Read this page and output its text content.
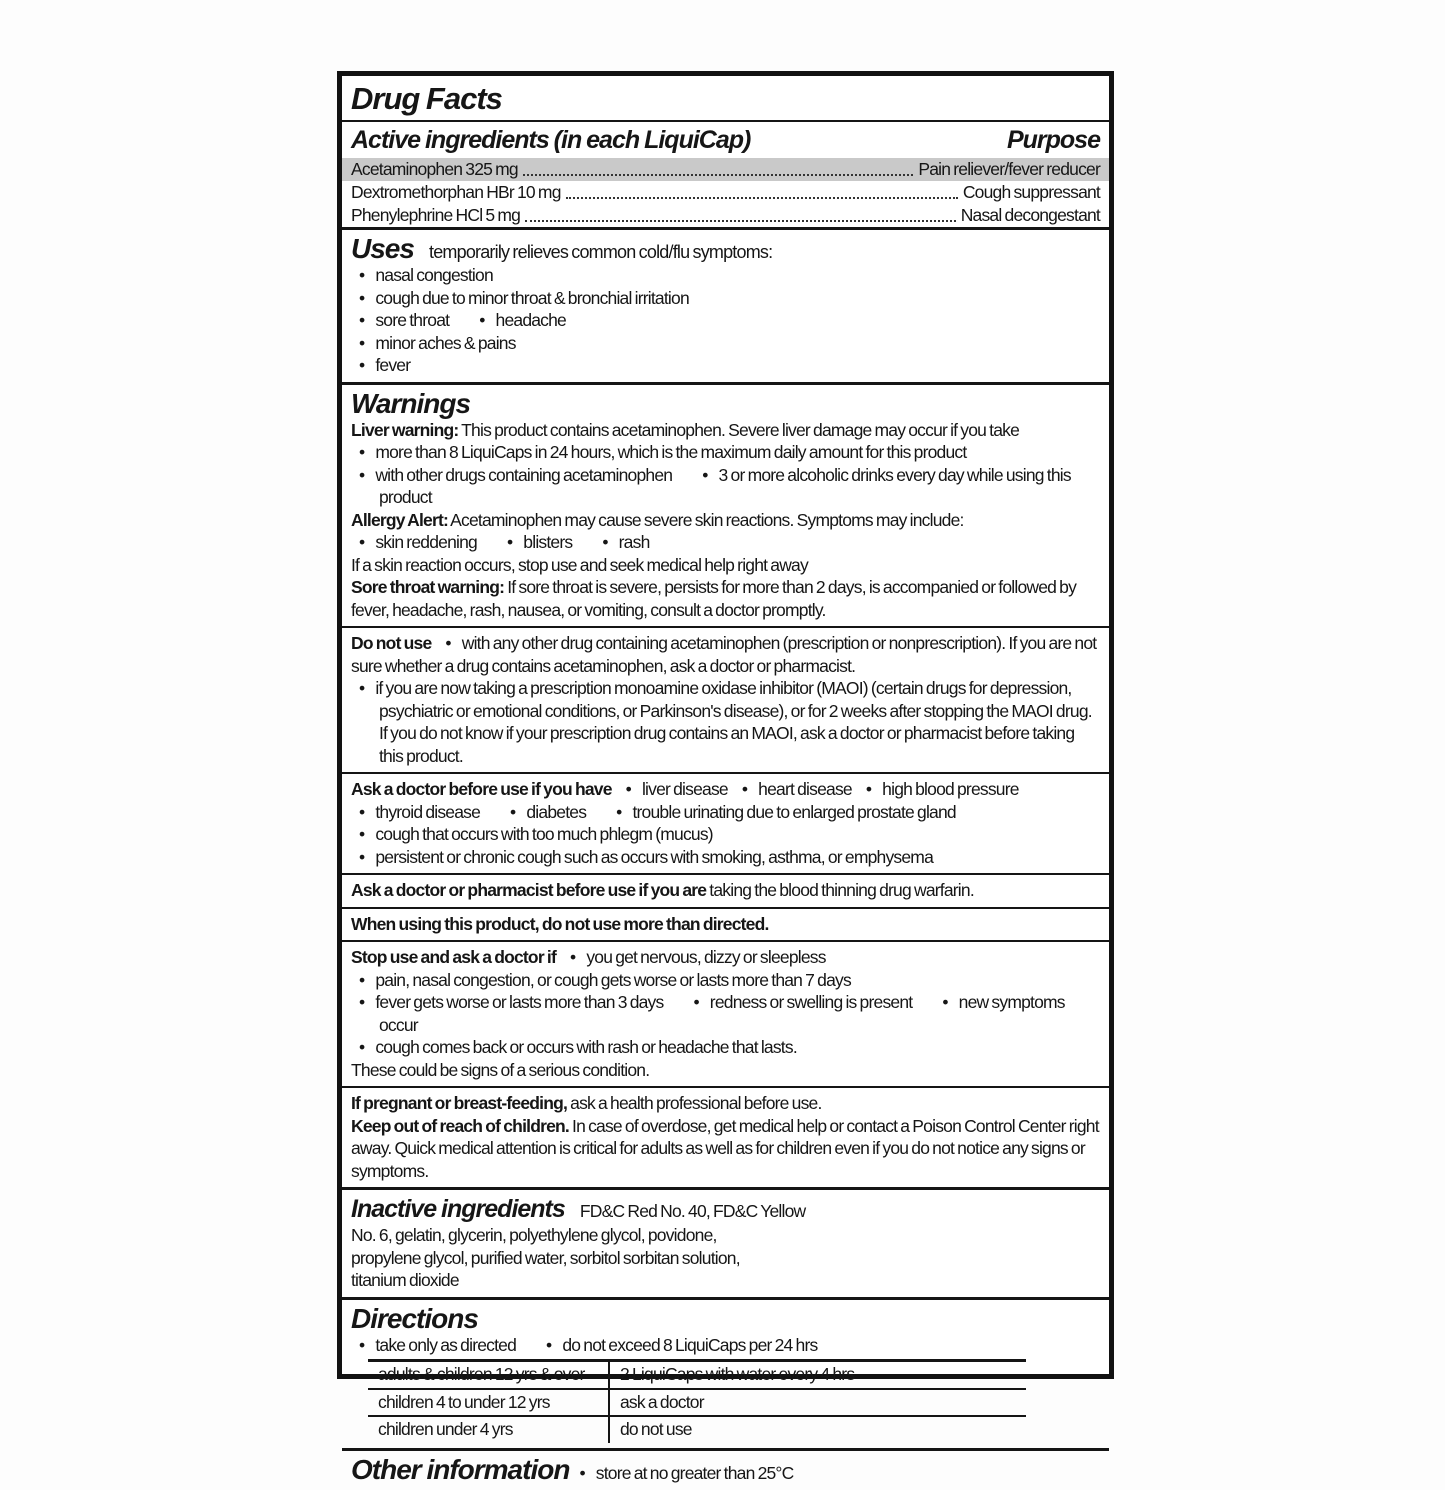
Drug Facts
Active ingredients (in each LiquiCap)	Purpose
Acetaminophen 325 mg	Pain reliever/fever reducer
Dextromethorphan HBr 10 mg	Cough suppressant
Phenylephrine HCl 5 mg	Nasal decongestant

Uses temporarily relieves common cold/flu symptoms:

• nasal congestion
• cough due to minor throat & bronchial irritation
• sore throat	• headache
• minor aches & pains
• fever
Warnings

Liver warning: This product contains acetaminophen. Severe liver damage may occur if you take

• more than 8 LiquiCaps in 24 hours, which is the maximum daily amount for this product
• with other drugs containing acetaminophen	• 3 or more alcoholic drinks every day while using this product

Allergy Alert: Acetaminophen may cause severe skin reactions. Symptoms may include:

• skin reddening	• blisters	• rash

If a skin reaction occurs, stop use and seek medical help right away

Sore throat warning: If sore throat is severe, persists for more than 2 days, is accompanied or followed by fever, headache, rash, nausea, or vomiting, consult a doctor promptly.

Do not use • with any other drug containing acetaminophen (prescription or nonprescription). If you are not sure whether a drug contains acetaminophen, ask a doctor or pharmacist.

• if you are now taking a prescription monoamine oxidase inhibitor (MAOI) (certain drugs for depression, psychiatric or emotional conditions, or Parkinson's disease), or for 2 weeks after stopping the MAOI drug. If you do not know if your prescription drug contains an MAOI, ask a doctor or pharmacist before taking this product.

Ask a doctor before use if you have • liver disease • heart disease • high blood pressure

• thyroid disease	• diabetes	• trouble urinating due to enlarged prostate gland
• cough that occurs with too much phlegm (mucus)
• persistent or chronic cough such as occurs with smoking, asthma, or emphysema

Ask a doctor or pharmacist before use if you are taking the blood thinning drug warfarin.

When using this product, do not use more than directed.

Stop use and ask a doctor if • you get nervous, dizzy or sleepless

• pain, nasal congestion, or cough gets worse or lasts more than 7 days
• fever gets worse or lasts more than 3 days	• redness or swelling is present	• new symptoms occur
• cough comes back or occurs with rash or headache that lasts.

These could be signs of a serious condition.

If pregnant or breast-feeding, ask a health professional before use.

Keep out of reach of children. In case of overdose, get medical help or contact a Poison Control Center right away. Quick medical attention is critical for adults as well as for children even if you do not notice any signs or symptoms.

Inactive ingredients FD&C Red No. 40, FD&C Yellow

No. 6, gelatin, glycerin, polyethylene glycol, povidone,

propylene glycol, purified water, sorbitol sorbitan solution,

titanium dioxide

Directions
• take only as directed	• do not exceed 8 LiquiCaps per 24 hrs
adults & children 12 yrs & over	2 LiquiCaps with water every 4 hrs
children 4 to under 12 yrs	ask a doctor
children under 4 yrs	do not use

Other information • store at no greater than 25°C
